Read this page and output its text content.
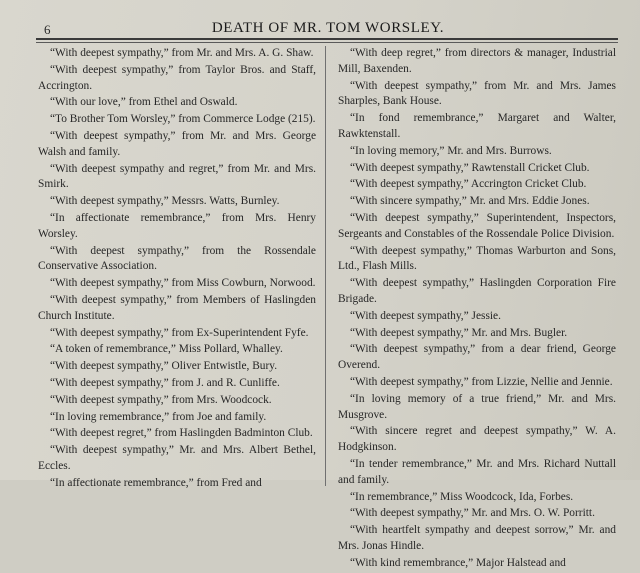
6	DEATH OF MR. TOM WORSLEY.

“With deepest sympathy,” from Mr. and Mrs. A. G. Shaw.

“With deepest sympathy,” from Taylor Bros. and Staff, Accrington.

“With our love,” from Ethel and Oswald.

“To Brother Tom Worsley,” from Commerce Lodge (215).

“With deepest sympathy,” from Mr. and Mrs. George Walsh and family.

“With deepest sympathy and regret,” from Mr. and Mrs. Smirk.

“With deepest sympathy,” Messrs. Watts, Burnley.

“In affectionate remembrance,” from Mrs. Henry Worsley.

“With deepest sympathy,” from the Rossendale Conservative Association.

“With deepest sympathy,” from Miss Cowburn, Norwood.

“With deepest sympathy,” from Members of Haslingden Church Institute.

“With deepest sympathy,” from Ex-Superintendent Fyfe.

“A token of remembrance,” Miss Pollard, Whalley.

“With deepest sympathy,” Oliver Entwistle, Bury.

“With deepest sympathy,” from J. and R. Cunliffe.

“With deepest sympathy,” from Mrs. Woodcock.

“In loving remembrance,” from Joe and family.

“With deepest regret,” from Haslingden Badminton Club.

“With deepest sympathy,” Mr. and Mrs. Albert Bethel, Eccles.

“In affectionate remembrance,” from Fred and

“With deep regret,” from directors & manager, Industrial Mill, Baxenden.

“With deepest sympathy,” from Mr. and Mrs. James Sharples, Bank House.

“In fond remembrance,” Margaret and Walter, Rawktenstall.

“In loving memory,” Mr. and Mrs. Burrows.

“With deepest sympathy,” Rawtenstall Cricket Club.

“With deepest sympathy,” Accrington Cricket Club.

“With sincere sympathy,” Mr. and Mrs. Eddie Jones.

“With deepest sympathy,” Superintendent, Inspectors, Sergeants and Constables of the Rossendale Police Division.

“With deepest sympathy,” Thomas Warburton and Sons, Ltd., Flash Mills.

“With deepest sympathy,” Haslingden Corporation Fire Brigade.

“With deepest sympathy,” Jessie.

“With deepest sympathy,” Mr. and Mrs. Bugler.

“With deepest sympathy,” from a dear friend, George Overend.

“With deepest sympathy,” from Lizzie, Nellie and Jennie.

“In loving memory of a true friend,” Mr. and Mrs. Musgrove.

“With sincere regret and deepest sympathy,” W. A. Hodgkinson.

“In tender remembrance,” Mr. and Mrs. Richard Nuttall and family.

“In remembrance,” Miss Woodcock, Ida, Forbes.

“With deepest sympathy,” Mr. and Mrs. O. W. Porritt.

“With heartfelt sympathy and deepest sorrow,” Mr. and Mrs. Jonas Hindle.

“With kind remembrance,” Major Halstead and
